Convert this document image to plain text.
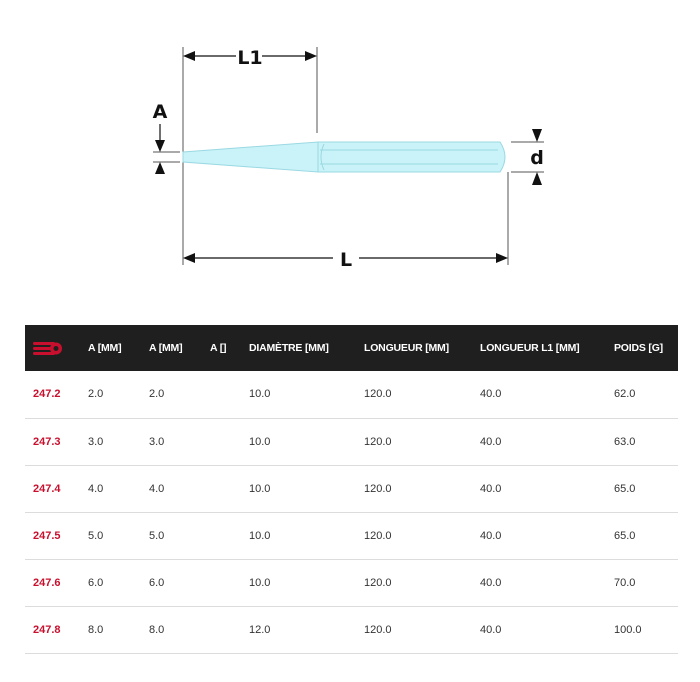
L1
L
A
d
	A [MM]	A [MM]	A []	DIAMÈTRE [MM]	LONGUEUR [MM]	LONGUEUR L1 [MM]	POIDS [G]
247.2	2.0	2.0		10.0	120.0	40.0	62.0
247.3	3.0	3.0		10.0	120.0	40.0	63.0
247.4	4.0	4.0		10.0	120.0	40.0	65.0
247.5	5.0	5.0		10.0	120.0	40.0	65.0
247.6	6.0	6.0		10.0	120.0	40.0	70.0
247.8	8.0	8.0		12.0	120.0	40.0	100.0
